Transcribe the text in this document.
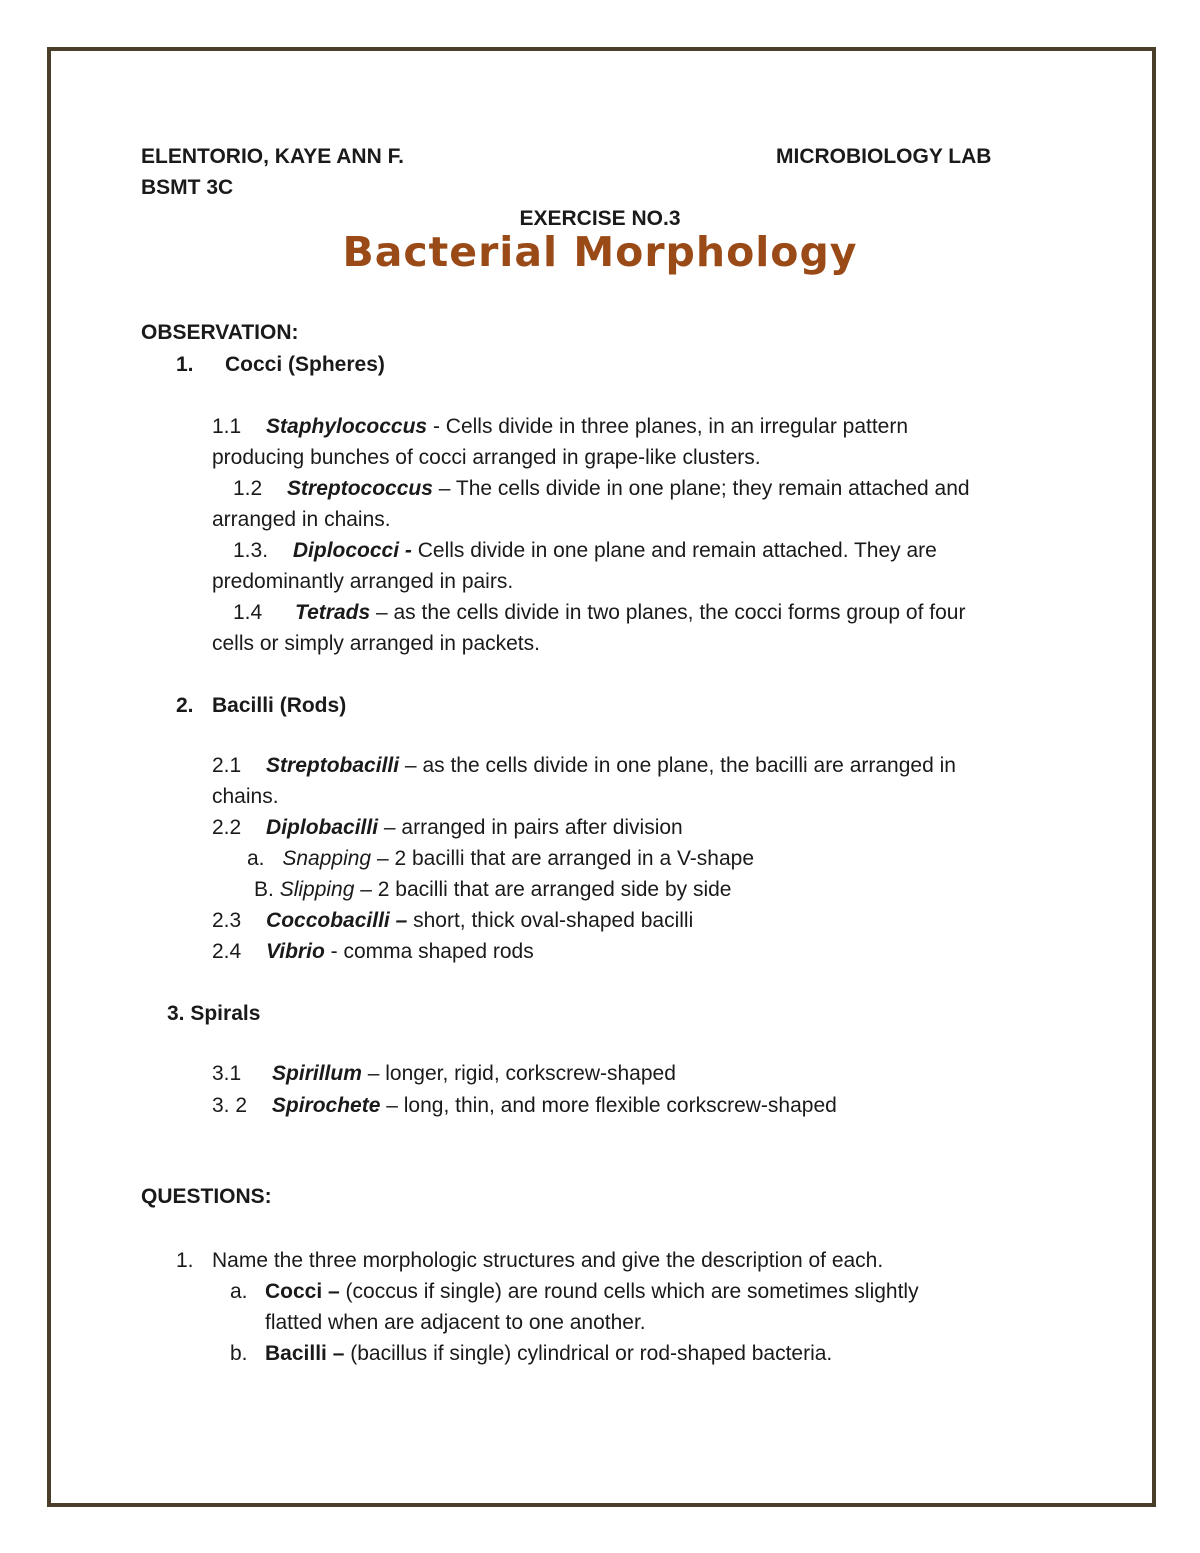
ELENTORIO, KAYE ANN F.	MICROBIOLOGY LAB
BSMT 3C
EXERCISE NO.3
Bacterial Morphology
OBSERVATION:
1. Cocci (Spheres)
1.1 Staphylococcus - Cells divide in three planes, in an irregular pattern
producing bunches of cocci arranged in grape-like clusters.
1.2 Streptococcus – The cells divide in one plane; they remain attached and
arranged in chains.
1.3. Diplococci - Cells divide in one plane and remain attached. They are
predominantly arranged in pairs.
1.4 Tetrads – as the cells divide in two planes, the cocci forms group of four
cells or simply arranged in packets.
2. Bacilli (Rods)
2.1 Streptobacilli – as the cells divide in one plane, the bacilli are arranged in
chains.
2.2 Diplobacilli – arranged in pairs after division
a. Snapping – 2 bacilli that are arranged in a V-shape
B. Slipping – 2 bacilli that are arranged side by side
2.3 Coccobacilli – short, thick oval-shaped bacilli
2.4 Vibrio - comma shaped rods
3. Spirals
3.1 Spirillum – longer, rigid, corkscrew-shaped
3. 2 Spirochete – long, thin, and more flexible corkscrew-shaped
QUESTIONS:
1. Name the three morphologic structures and give the description of each.
a. Cocci – (coccus if single) are round cells which are sometimes slightly
flatted when are adjacent to one another.
b. Bacilli – (bacillus if single) cylindrical or rod-shaped bacteria.
